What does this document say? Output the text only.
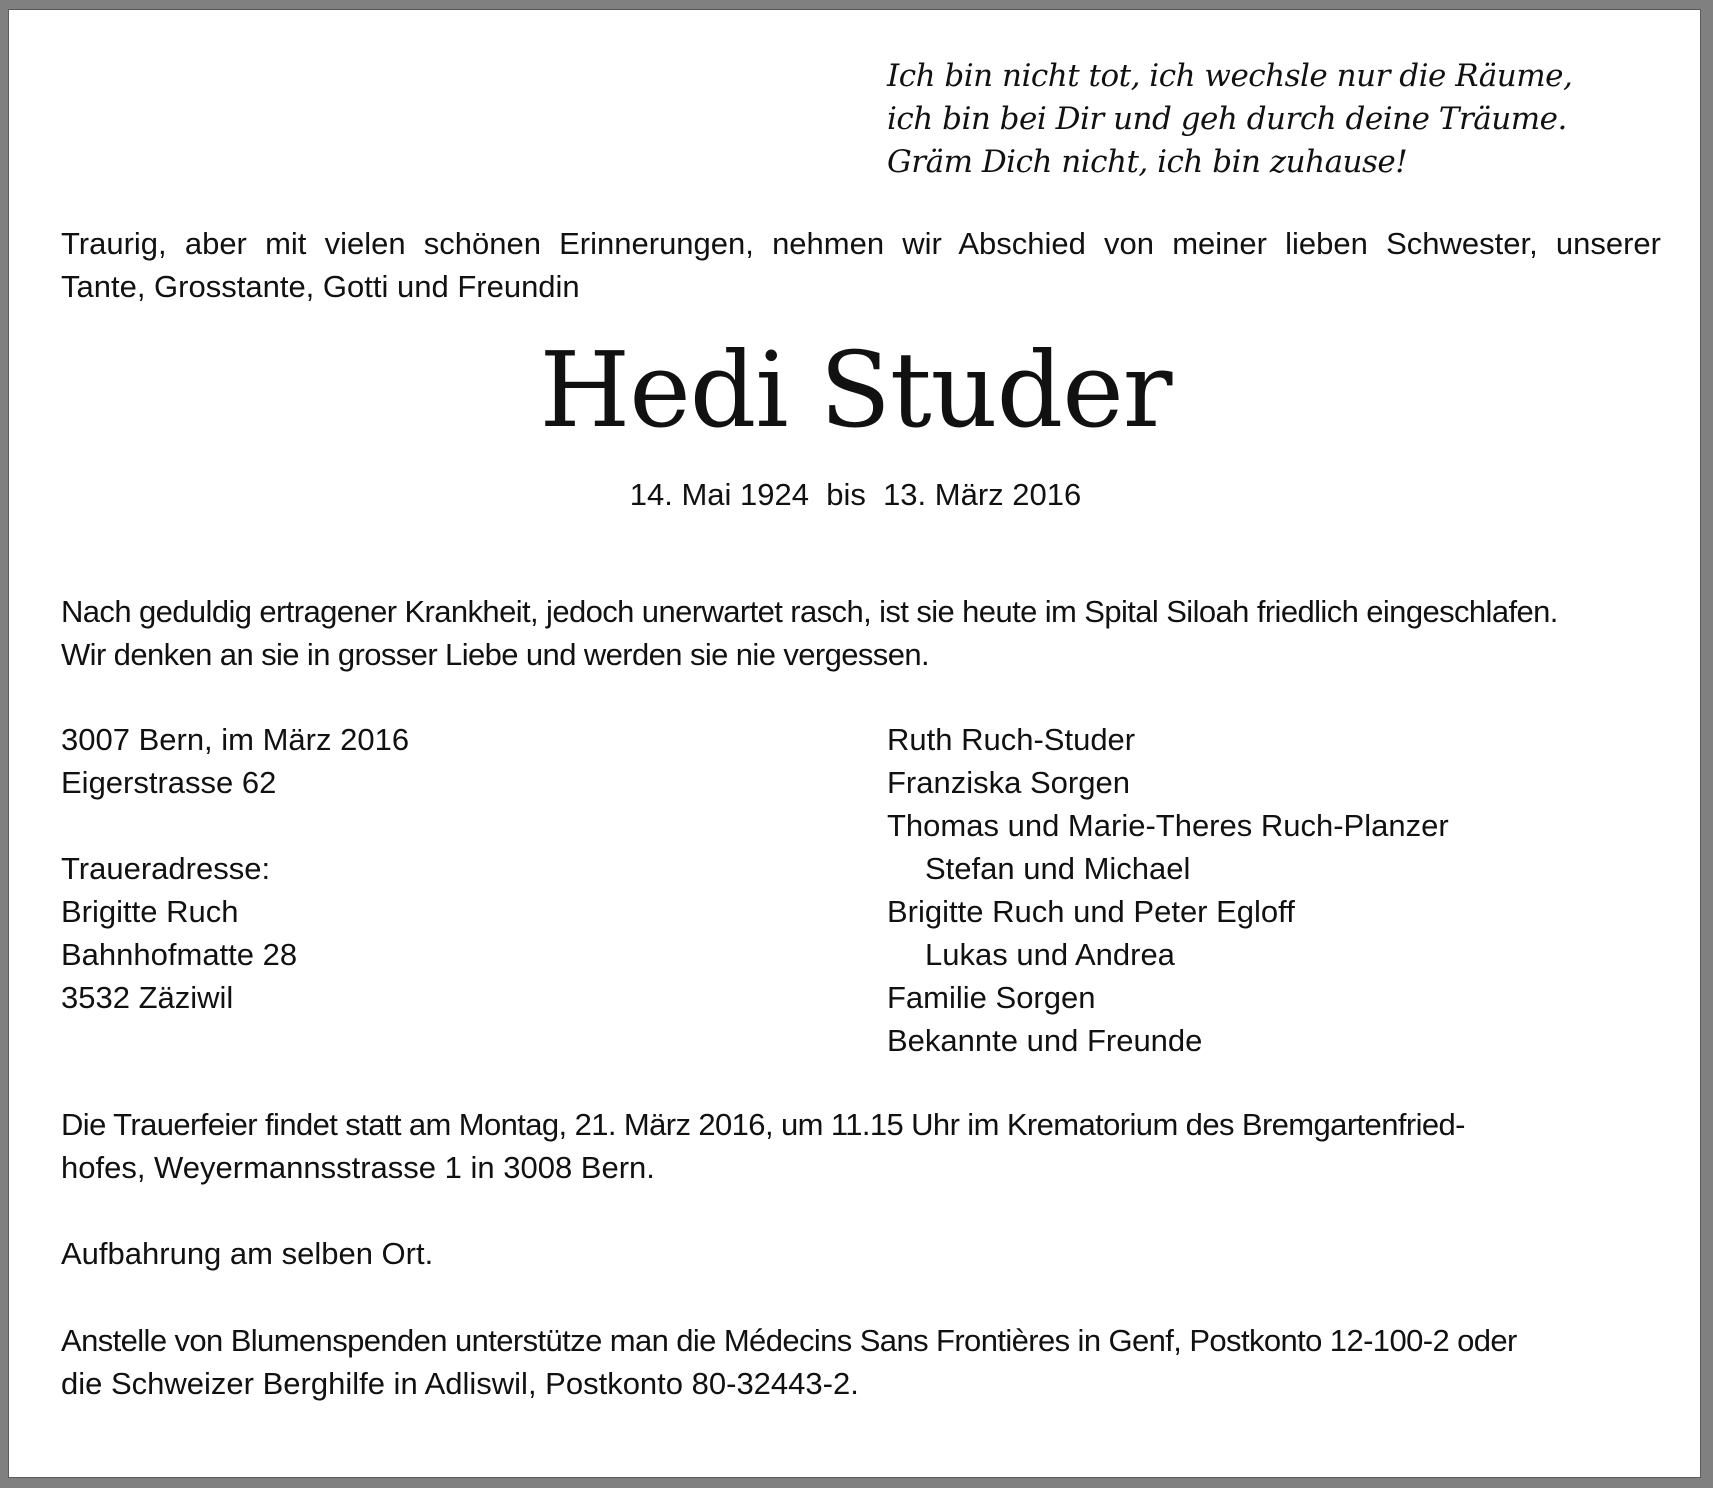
Ich bin nicht tot, ich wechsle nur die Räume,
ich bin bei Dir und geh durch deine Träume.
Gräm Dich nicht, ich bin zuhause!
Traurig, aber mit vielen schönen Erinnerungen, nehmen wir Abschied von meiner lieben Schwester, unserer
Tante, Grosstante, Gotti und Freundin
Hedi Studer
14. Mai 1924  bis  13. März 2016
Nach geduldig ertragener Krankheit, jedoch unerwartet rasch, ist sie heute im Spital Siloah friedlich eingeschlafen.
Wir denken an sie in grosser Liebe und werden sie nie vergessen.
3007 Bern, im März 2016
Eigerstrasse 62
Traueradresse:
Brigitte Ruch
Bahnhofmatte 28
3532 Zäziwil
Ruth Ruch-Studer
Franziska Sorgen
Thomas und Marie-Theres Ruch-Planzer
Stefan und Michael
Brigitte Ruch und Peter Egloff
Lukas und Andrea
Familie Sorgen
Bekannte und Freunde
Die Trauerfeier findet statt am Montag, 21. März 2016, um 11.15 Uhr im Krematorium des Bremgartenfried-
hofes, Weyermannsstrasse 1 in 3008 Bern.
Aufbahrung am selben Ort.
Anstelle von Blumenspenden unterstütze man die Médecins Sans Frontières in Genf, Postkonto 12-100-2 oder
die Schweizer Berghilfe in Adliswil, Postkonto 80-32443-2.
